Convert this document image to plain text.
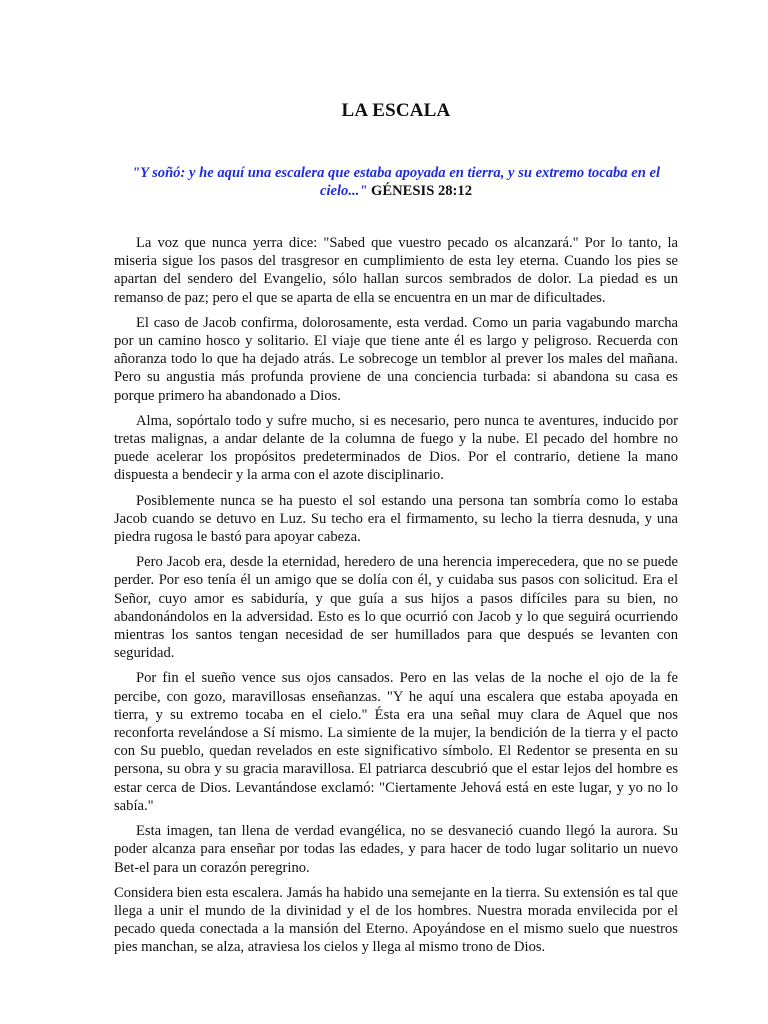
LA ESCALA
"Y soñó: y he aquí una escalera que estaba apoyada en tierra, y su extremo tocaba en el cielo..." GÉNESIS 28:12

La voz que nunca yerra dice: "Sabed que vuestro pecado os alcanzará." Por lo tanto, la miseria sigue los pasos del trasgresor en cumplimiento de esta ley eterna. Cuando los pies se apartan del sendero del Evangelio, sólo hallan surcos sembrados de dolor. La piedad es un remanso de paz; pero el que se aparta de ella se encuentra en un mar de dificultades.

El caso de Jacob confirma, dolorosamente, esta verdad. Como un paria vagabundo marcha por un camino hosco y solitario. El viaje que tiene ante él es largo y peligroso. Recuerda con añoranza todo lo que ha dejado atrás. Le sobrecoge un temblor al prever los males del mañana. Pero su angustia más profunda proviene de una conciencia turbada: si abandona su casa es porque primero ha abandonado a Dios.

Alma, sopórtalo todo y sufre mucho, si es necesario, pero nunca te aventures, inducido por tretas malignas, a andar delante de la columna de fuego y la nube. El pecado del hombre no puede acelerar los propósitos predeterminados de Dios. Por el contrario, detiene la mano dispuesta a bendecir y la arma con el azote disciplinario.

Posiblemente nunca se ha puesto el sol estando una persona tan sombría como lo estaba Jacob cuando se detuvo en Luz. Su techo era el firmamento, su lecho la tierra desnuda, y una piedra rugosa le bastó para apoyar cabeza.

Pero Jacob era, desde la eternidad, heredero de una herencia imperecedera, que no se puede perder. Por eso tenía él un amigo que se dolía con él, y cuidaba sus pasos con solicitud. Era el Señor, cuyo amor es sabiduría, y que guía a sus hijos a pasos difíciles para su bien, no abandonándolos en la adversidad. Esto es lo que ocurrió con Jacob y lo que seguirá ocurriendo mientras los santos tengan necesidad de ser humillados para que después se levanten con seguridad.

Por fin el sueño vence sus ojos cansados. Pero en las velas de la noche el ojo de la fe percibe, con gozo, maravillosas enseñanzas. "Y he aquí una escalera que estaba apoyada en tierra, y su extremo tocaba en el cielo." Ésta era una señal muy clara de Aquel que nos reconforta revelándose a Sí mismo. La simiente de la mujer, la bendición de la tierra y el pacto con Su pueblo, quedan revelados en este significativo símbolo. El Redentor se presenta en su persona, su obra y su gracia maravillosa. El patriarca descubrió que el estar lejos del hombre es estar cerca de Dios. Levantándose exclamó: "Ciertamente Jehová está en este lugar, y yo no lo sabía."

Esta imagen, tan llena de verdad evangélica, no se desvaneció cuando llegó la aurora. Su poder alcanza para enseñar por todas las edades, y para hacer de todo lugar solitario un nuevo Bet-el para un corazón peregrino.

Considera bien esta escalera. Jamás ha habido una semejante en la tierra. Su extensión es tal que llega a unir el mundo de la divinidad y el de los hombres. Nuestra morada envilecida por el pecado queda conectada a la mansión del Eterno. Apoyándose en el mismo suelo que nuestros pies manchan, se alza, atraviesa los cielos y llega al mismo trono de Dios.
